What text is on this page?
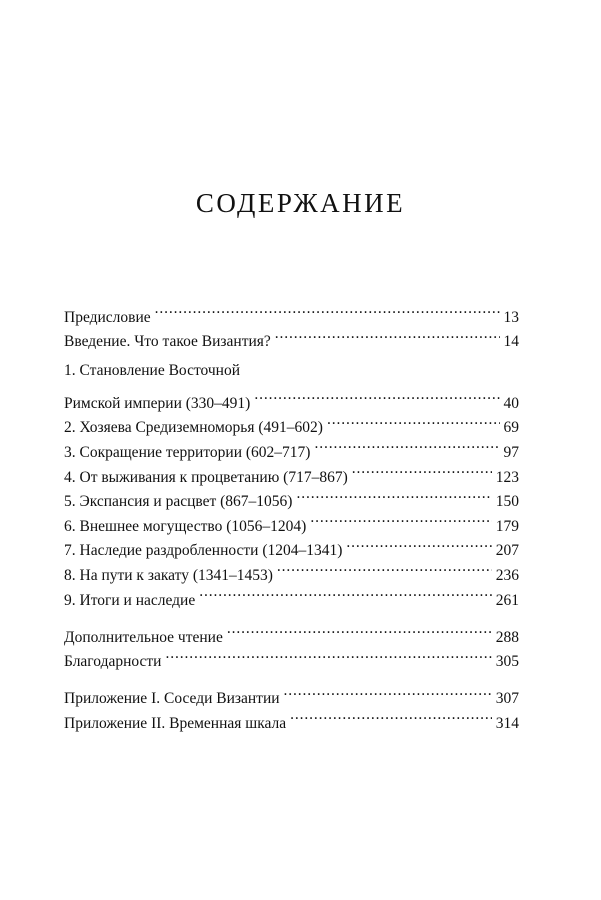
СОДЕРЖАНИЕ
Предисловие . . .	13
Введение. Что такое Византия? . . .	14
1. Становление Восточной
Римской империи (330–491) . . .	40
2. Хозяева Средиземноморья (491–602) . . .	69
3. Сокращение территории (602–717) . . .	97
4. От выживания к процветанию (717–867) . . .	123
5. Экспансия и расцвет (867–1056) . . .	150
6. Внешнее могущество (1056–1204) . . .	179
7. Наследие раздробленности (1204–1341) . . .	207
8. На пути к закату (1341–1453) . . .	236
9. Итоги и наследие . . .	261
Дополнительное чтение . . .	288
Благодарности . . .	305
Приложение I. Соседи Византии . . .	307
Приложение II. Временная шкала . . .	314
